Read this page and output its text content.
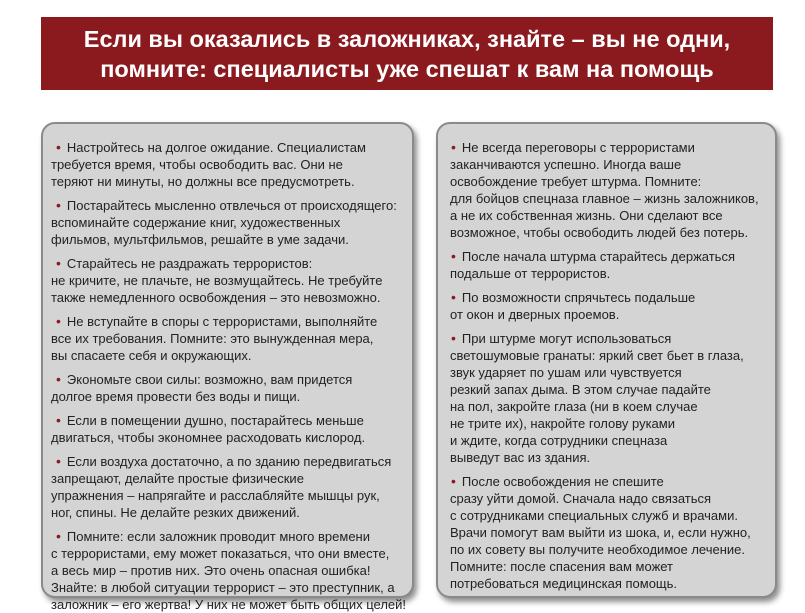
Если вы оказались в заложниках, знайте – вы не одни,
помните: специалисты уже спешат к вам на помощь
• Настройтесь на долгое ожидание. Специалистам
требуется время, чтобы освободить вас. Они не
теряют ни минуты, но должны все предусмотреть.
• Постарайтесь мысленно отвлечься от происходящего:
вспоминайте содержание книг, художественных
фильмов, мультфильмов, решайте в уме задачи.
• Старайтесь не раздражать террористов:
не кричите, не плачьте, не возмущайтесь. Не требуйте
также немедленного освобождения – это невозможно.
• Не вступайте в споры с террористами, выполняйте
все их требования. Помните: это вынужденная мера,
вы спасаете себя и окружающих.
• Экономьте свои силы: возможно, вам придется
долгое время провести без воды и пищи.
• Если в помещении душно, постарайтесь меньше
двигаться, чтобы экономнее расходовать кислород.
• Если воздуха достаточно, а по зданию передвигаться
запрещают, делайте простые физические
упражнения – напрягайте и расслабляйте мышцы рук,
ног, спины. Не делайте резких движений.
• Помните: если заложник проводит много времени
с террористами, ему может показаться, что они вместе,
а весь мир – против них. Это очень опасная ошибка!
Знайте: в любой ситуации террорист – это преступник, а
заложник – его жертва! У них не может быть общих целей!
• Не всегда переговоры с террористами
заканчиваются успешно. Иногда ваше
освобождение требует штурма. Помните:
для бойцов спецназа главное – жизнь заложников,
а не их собственная жизнь. Они сделают все
возможное, чтобы освободить людей без потерь.
• После начала штурма старайтесь держаться
подальше от террористов.
• По возможности спрячьтесь подальше
от окон и дверных проемов.
• При штурме могут использоваться
светошумовые гранаты: яркий свет бьет в глаза,
звук ударяет по ушам или чувствуется
резкий запах дыма. В этом случае падайте
на пол, закройте глаза (ни в коем случае
не трите их), накройте голову руками
и ждите, когда сотрудники спецназа
выведут вас из здания.
• После освобождения не спешите
сразу уйти домой. Сначала надо связаться
с сотрудниками специальных служб и врачами.
Врачи помогут вам выйти из шока, и, если нужно,
по их совету вы получите необходимое лечение.
Помните: после спасения вам может
потребоваться медицинская помощь.
